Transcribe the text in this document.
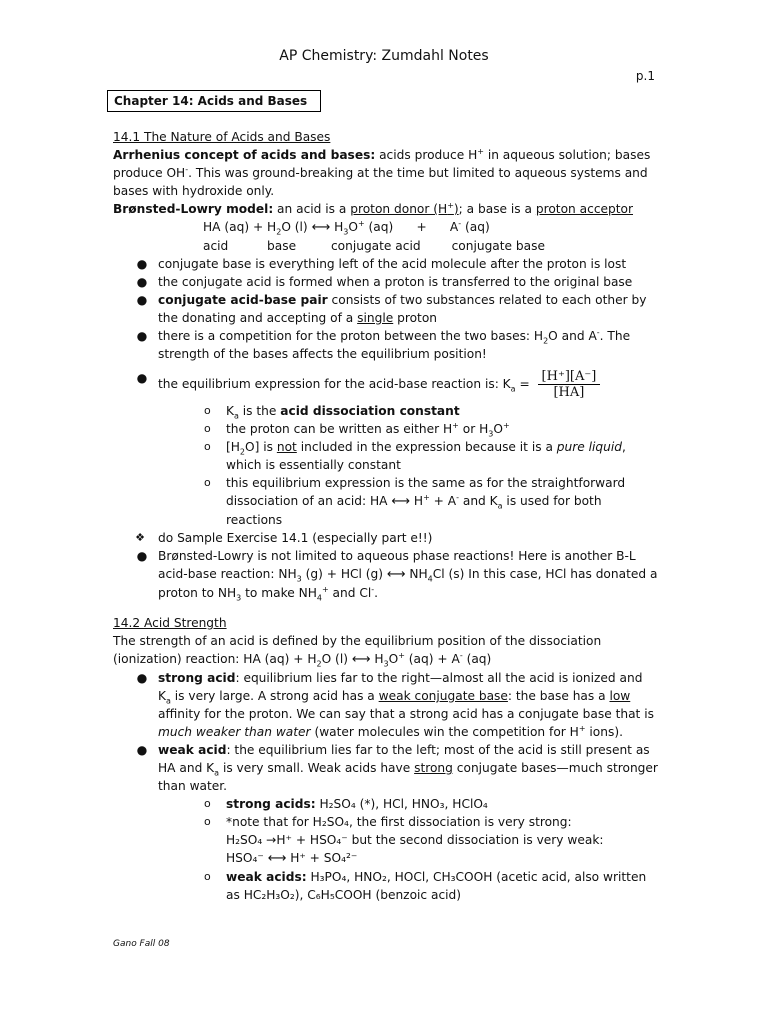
AP Chemistry: Zumdahl Notes
p.1
Chapter 14: Acids and Bases

14.1 The Nature of Acids and Bases

Arrhenius concept of acids and bases: acids produce H+ in aqueous solution; bases produce OH-. This was ground-breaking at the time but limited to aqueous systems and bases with hydroxide only.

Brønsted-Lowry model: an acid is a proton donor (H+); a base is a proton acceptor

HA $(aq) + H_2O$ (l) ⟷ $H_3O^+$ (aq)      +      A- (aq)

acid          base         conjugate acid        conjugate base

● conjugate base is everything left of the acid molecule after the proton is lost
● the conjugate acid is formed when a proton is transferred to the original base
● conjugate acid-base pair consists of two substances related to each other by the donating and accepting of a single proton
● there is a competition for the proton between the two bases: $H_2O$ and A-. The strength of the bases affects the equilibrium position!
● the equilibrium expression for the acid-base reaction is: $K_a = \frac{[H^+][A^-]}{[HA]}$
o $K_a$ is the acid dissociation constant
o the proton can be written as either H+ or $H_3O^+$
o $[H_2O]$ is not included in the expression because it is a pure liquid, which is essentially constant
o this equilibrium expression is the same as for the straightforward dissociation of an acid: HA ⟷ H+ + A- and $K_a$ is used for both reactions
❖ do Sample Exercise 14.1 (especially part e!!)
● Brønsted-Lowry is not limited to aqueous phase reactions! Here is another B-L acid-base reaction: $NH_3$ (g) + HCl (g) ⟷ $NH_4Cl$ (s) In this case, HCl has donated a proton to $NH_3$ to make $NH_4^+$ and Cl-.

14.2 Acid Strength

The strength of an acid is defined by the equilibrium position of the dissociation (ionization) reaction: HA $(aq) + H_2O$ (l) ⟷ $H_3O^+$ (aq) + A- (aq)

● strong acid: equilibrium lies far to the right—almost all the acid is ionized and $K_a$ is very large. A strong acid has a weak conjugate base: the base has a low affinity for the proton. We can say that a strong acid has a conjugate base that is much weaker than water (water molecules win the competition for H+ ions).
● weak acid: the equilibrium lies far to the left; most of the acid is still present as HA and $K_a$ is very small. Weak acids have strong conjugate bases—much stronger than water.
o strong acids: H₂SO₄ (*), HCl, HNO₃, HClO₄
o *note that for H₂SO₄, the first dissociation is very strong:
H₂SO₄ →H⁺ + HSO₄⁻ but the second dissociation is very weak:
HSO₄⁻ ⟷ H⁺ + SO₄²⁻
o weak acids: H₃PO₄, HNO₂, HOCl, CH₃COOH (acetic acid, also written as HC₂H₃O₂), C₆H₅COOH (benzoic acid)
Gano Fall 08
